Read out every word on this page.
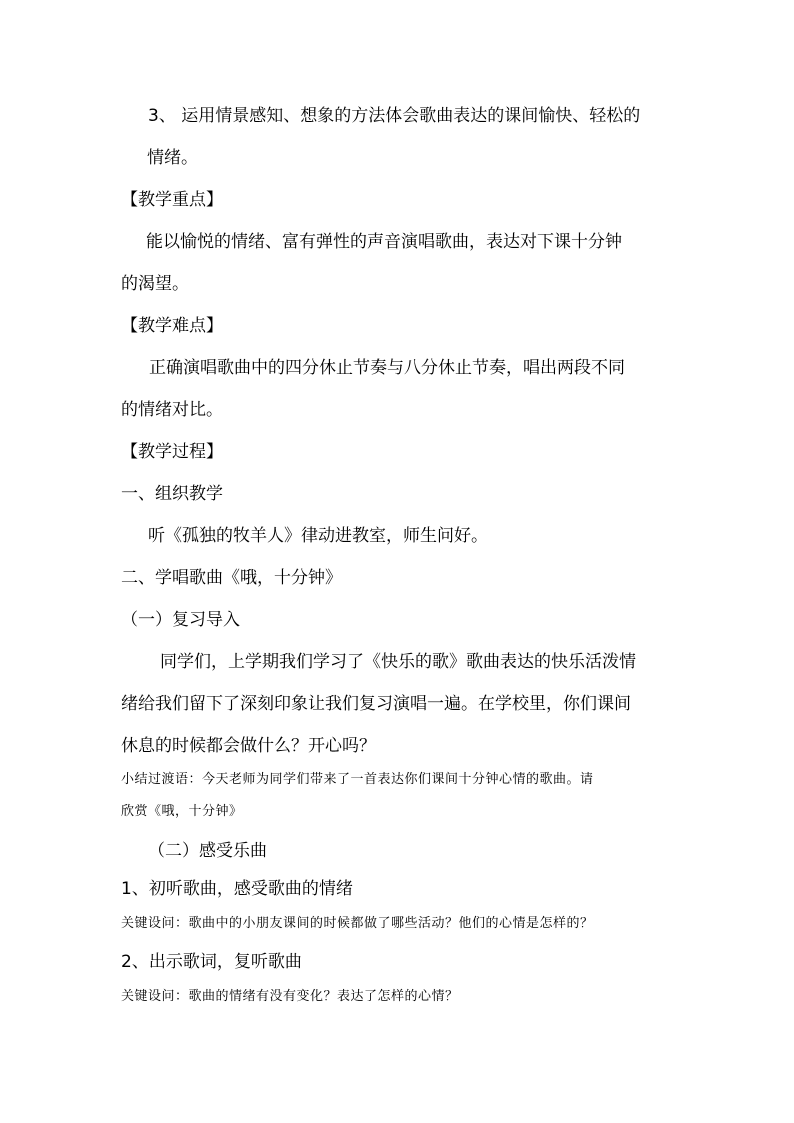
3、 运用情景感知、想象的方法体会歌曲表达的课间愉快、轻松的
情绪。
【教学重点】
能以愉悦的情绪、富有弹性的声音演唱歌曲，表达对下课十分钟
的渴望。
【教学难点】
正确演唱歌曲中的四分休止节奏与八分休止节奏，唱出两段不同
的情绪对比。
【教学过程】
一、组织教学
听《孤独的牧羊人》律动进教室，师生问好。
二、学唱歌曲《哦，十分钟》
（一）复习导入
同学们，上学期我们学习了《快乐的歌》歌曲表达的快乐活泼情
绪给我们留下了深刻印象让我们复习演唱一遍。在学校里，你们课间
休息的时候都会做什么？开心吗？
小结过渡语：今天老师为同学们带来了一首表达你们课间十分钟心情的歌曲。请
欣赏《哦，十分钟》
（二）感受乐曲
1、初听歌曲，感受歌曲的情绪
关键设问：歌曲中的小朋友课间的时候都做了哪些活动？他们的心情是怎样的？
2、出示歌词，复听歌曲
关键设问：歌曲的情绪有没有变化？表达了怎样的心情？
